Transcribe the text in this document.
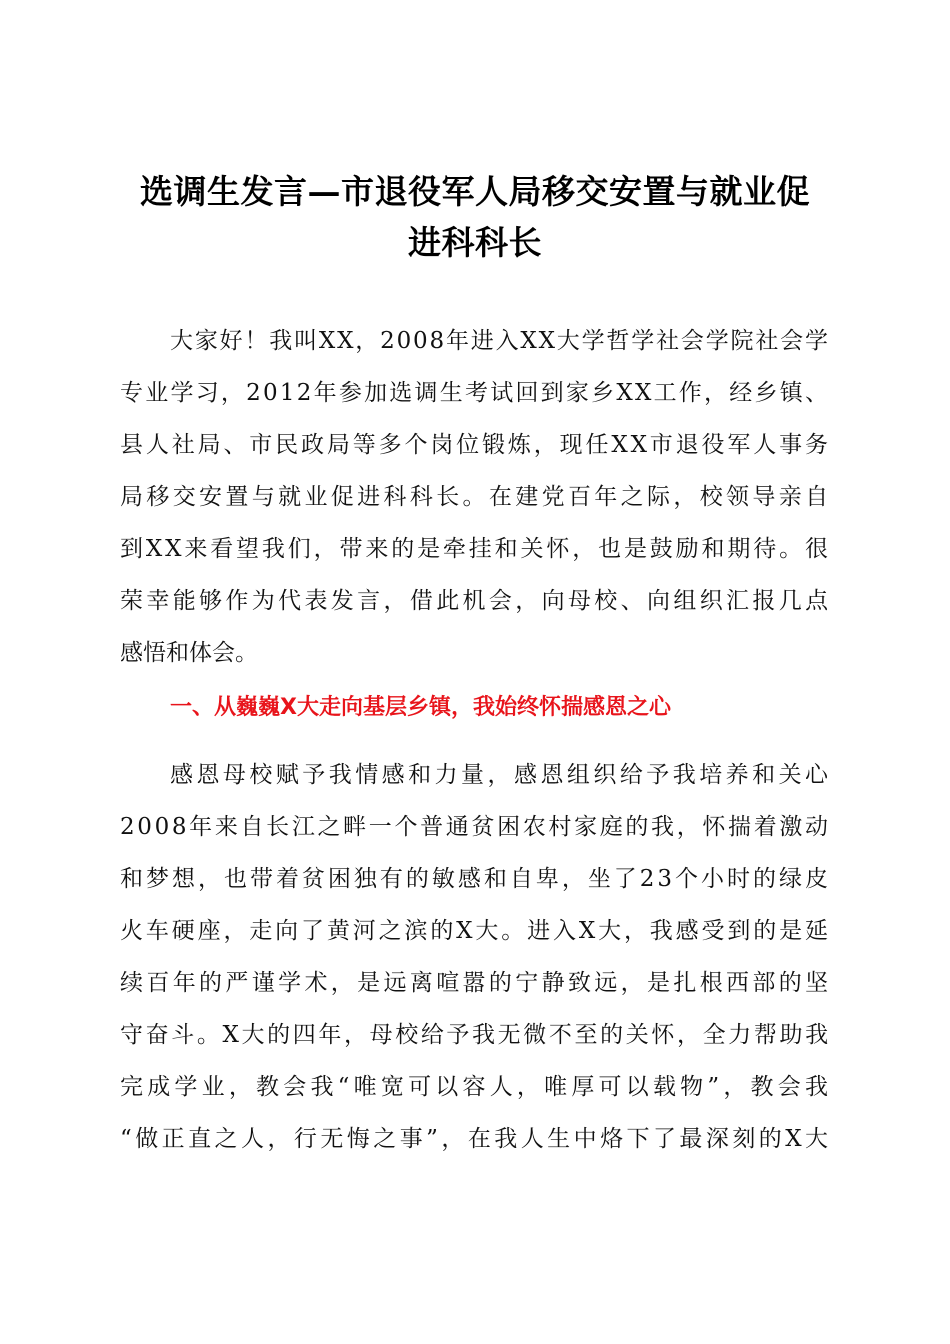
选调生发言—市退役军人局移交安置与就业促
进科科长
大家好！我叫XX，2008年进入XX大学哲学社会学院社会学
专业学习，2012年参加选调生考试回到家乡XX工作，经乡镇、
县人社局、市民政局等多个岗位锻炼，现任XX市退役军人事务
局移交安置与就业促进科科长。在建党百年之际，校领导亲自
到XX来看望我们，带来的是牵挂和关怀，也是鼓励和期待。很
荣幸能够作为代表发言，借此机会，向母校、向组织汇报几点
感悟和体会。
一、从巍巍X大走向基层乡镇，我始终怀揣感恩之心
感恩母校赋予我情感和力量，感恩组织给予我培养和关心
2008年来自长江之畔一个普通贫困农村家庭的我，怀揣着激动
和梦想，也带着贫困独有的敏感和自卑，坐了23个小时的绿皮
火车硬座，走向了黄河之滨的X大。进入X大，我感受到的是延
续百年的严谨学术，是远离喧嚣的宁静致远，是扎根西部的坚
守奋斗。X大的四年，母校给予我无微不至的关怀，全力帮助我
完成学业，教会我“唯宽可以容人，唯厚可以载物”，教会我
“做正直之人，行无悔之事”，在我人生中烙下了最深刻的X大
